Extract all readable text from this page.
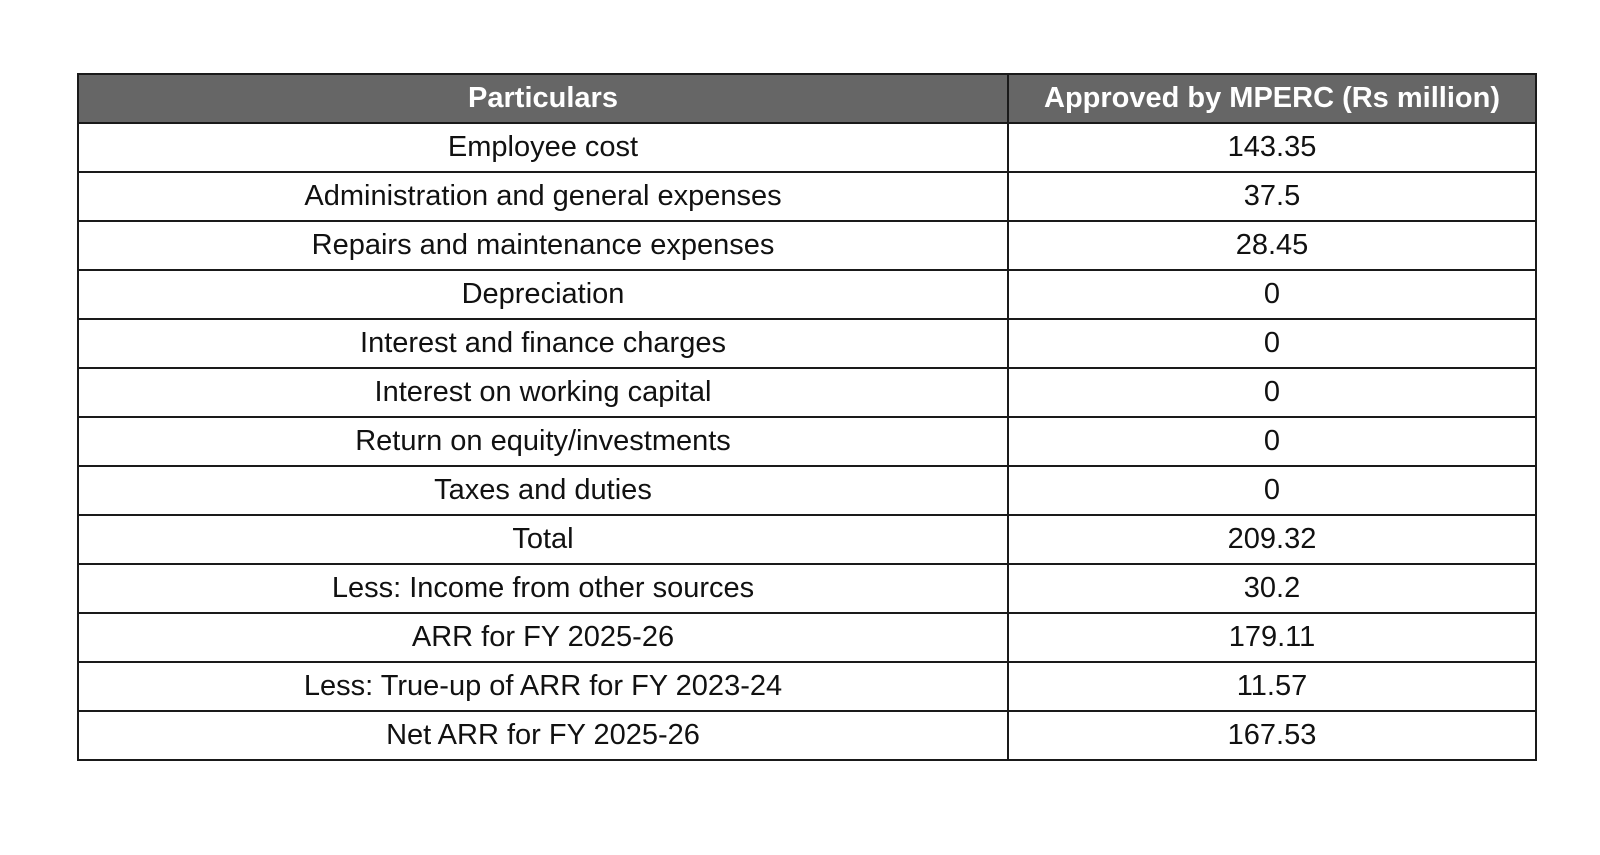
Particulars	Approved by MPERC (Rs million)
Employee cost	143.35
Administration and general expenses	37.5
Repairs and maintenance expenses	28.45
Depreciation	0
Interest and finance charges	0
Interest on working capital	0
Return on equity/investments	0
Taxes and duties	0
Total	209.32
Less: Income from other sources	30.2
ARR for FY 2025-26	179.11
Less: True-up of ARR for FY 2023-24	11.57
Net ARR for FY 2025-26	167.53
